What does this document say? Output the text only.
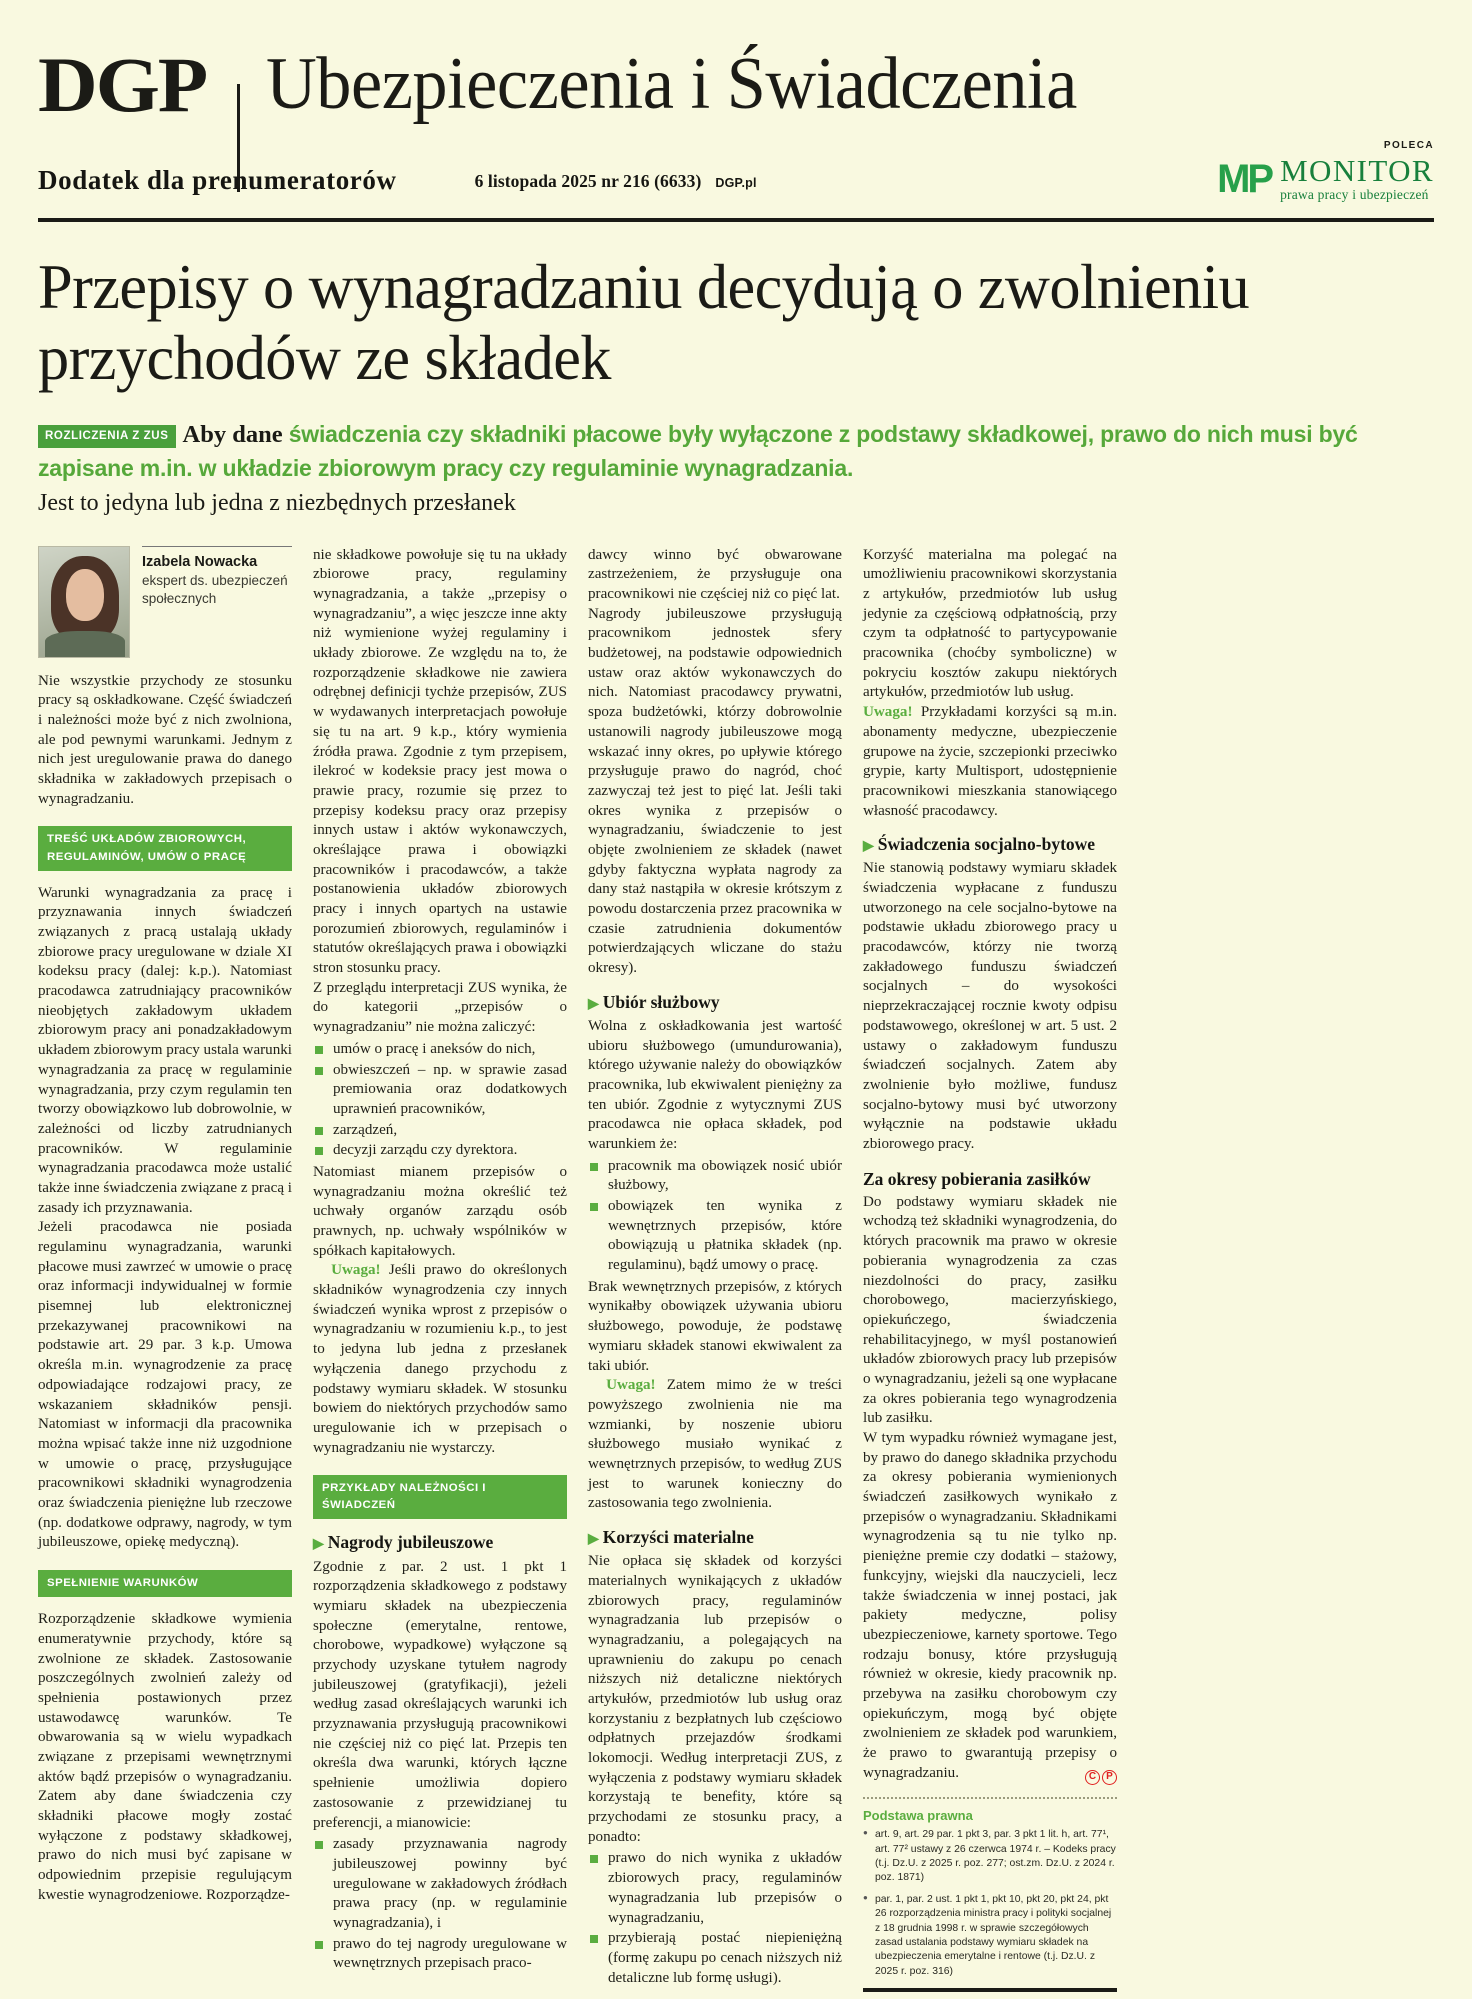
DGP Ubezpieczenia i Świadczenia
Dodatek dla prenumeratorów	6 listopada 2025 nr 216 (6633) DGP.pl
POLECA
MP MONITOR
prawa pracy i ubezpieczeń
Przepisy o wynagradzaniu decydują o zwolnieniu przychodów ze składek
ROZLICZENIA Z ZUS Aby dane świadczenia czy składniki płacowe były wyłączone z podstawy składkowej, prawo do nich musi być zapisane m.in. w układzie zbiorowym pracy czy regulaminie wynagradzania.
Jest to jedyna lub jedna z niezbędnych przesłanek
Izabela Nowacka
ekspert ds. ubezpieczeń
społecznych

Nie wszystkie przychody ze stosunku pracy są oskładkowane. Część świadczeń i należności może być z nich zwolniona, ale pod pewnymi warunkami. Jednym z nich jest uregulowanie prawa do danego składnika w zakładowych przepisach o wynagradzaniu.

TREŚĆ UKŁADÓW ZBIOROWYCH, REGULAMINÓW, UMÓW O PRACĘ

Warunki wynagradzania za pracę i przyznawania innych świadczeń związanych z pracą ustalają układy zbiorowe pracy uregulowane w dziale XI kodeksu pracy (dalej: k.p.). Natomiast pracodawca zatrudniający pracowników nieobjętych zakładowym układem zbiorowym pracy ani ponadzakładowym układem zbiorowym pracy ustala warunki wynagradzania za pracę w regulaminie wynagradzania, przy czym regulamin ten tworzy obowiązkowo lub dobrowolnie, w zależności od liczby zatrudnianych pracowników. W regulaminie wynagradzania pracodawca może ustalić także inne świadczenia związane z pracą i zasady ich przyznawania.

Jeżeli pracodawca nie posiada regulaminu wynagradzania, warunki płacowe musi zawrzeć w umowie o pracę oraz informacji indywidualnej w formie pisemnej lub elektronicznej przekazywanej pracownikowi na podstawie art. 29 par. 3 k.p. Umowa określa m.in. wynagrodzenie za pracę odpowiadające rodzajowi pracy, ze wskazaniem składników pensji. Natomiast w informacji dla pracownika można wpisać także inne niż uzgodnione w umowie o pracę, przysługujące pracownikowi składniki wynagrodzenia oraz świadczenia pieniężne lub rzeczowe (np. dodatkowe odprawy, nagrody, w tym jubileuszowe, opiekę medyczną).

SPEŁNIENIE WARUNKÓW

Rozporządzenie składkowe wymienia enumeratywnie przychody, które są zwolnione ze składek. Zastosowanie poszczególnych zwolnień zależy od spełnienia postawionych przez ustawodawcę warunków. Te obwarowania są w wielu wypadkach związane z przepisami wewnętrznymi aktów bądź przepisów o wynagradzaniu. Zatem aby dane świadczenia czy składniki płacowe mogły zostać wyłączone z podstawy składkowej, prawo do nich musi być zapisane w odpowiednim przepisie regulującym kwestie wynagrodzeniowe. Rozporządze-

nie składkowe powołuje się tu na układy zbiorowe pracy, regulaminy wynagradzania, a także „przepisy o wynagradzaniu”, a więc jeszcze inne akty niż wymienione wyżej regulaminy i układy zbiorowe. Ze względu na to, że rozporządzenie składkowe nie zawiera odrębnej definicji tychże przepisów, ZUS w wydawanych interpretacjach powołuje się tu na art. 9 k.p., który wymienia źródła prawa. Zgodnie z tym przepisem, ilekroć w kodeksie pracy jest mowa o prawie pracy, rozumie się przez to przepisy kodeksu pracy oraz przepisy innych ustaw i aktów wykonawczych, określające prawa i obowiązki pracowników i pracodawców, a także postanowienia układów zbiorowych pracy i innych opartych na ustawie porozumień zbiorowych, regulaminów i statutów określających prawa i obowiązki stron stosunku pracy.

Z przeglądu interpretacji ZUS wynika, że do kategorii „przepisów o wynagradzaniu” nie można zaliczyć:

umów o pracę i aneksów do nich,
obwieszczeń – np. w sprawie zasad premiowania oraz dodatkowych uprawnień pracowników,
zarządzeń,
decyzji zarządu czy dyrektora.

Natomiast mianem przepisów o wynagradzaniu można określić też uchwały organów zarządu osób prawnych, np. uchwały wspólników w spółkach kapitałowych.

Uwaga! Jeśli prawo do określonych składników wynagrodzenia czy innych świadczeń wynika wprost z przepisów o wynagradzaniu w rozumieniu k.p., to jest to jedyna lub jedna z przesłanek wyłączenia danego przychodu z podstawy wymiaru składek. W stosunku bowiem do niektórych przychodów samo uregulowanie ich w przepisach o wynagradzaniu nie wystarczy.

PRZYKŁADY NALEŻNOŚCI I ŚWIADCZEŃ
▶ Nagrody jubileuszowe

Zgodnie z par. 2 ust. 1 pkt 1 rozporządzenia składkowego z podstawy wymiaru składek na ubezpieczenia społeczne (emerytalne, rentowe, chorobowe, wypadkowe) wyłączone są przychody uzyskane tytułem nagrody jubileuszowej (gratyfikacji), jeżeli według zasad określających warunki ich przyznawania przysługują pracownikowi nie częściej niż co pięć lat. Przepis ten określa dwa warunki, których łączne spełnienie umożliwia dopiero zastosowanie z przewidzianej tu preferencji, a mianowicie:

zasady przyznawania nagrody jubileuszowej powinny być uregulowane w zakładowych źródłach prawa pracy (np. w regulaminie wynagradzania), i
prawo do tej nagrody uregulowane w wewnętrznych przepisach praco-

dawcy winno być obwarowane zastrzeżeniem, że przysługuje ona pracownikowi nie częściej niż co pięć lat.

Nagrody jubileuszowe przysługują pracownikom jednostek sfery budżetowej, na podstawie odpowiednich ustaw oraz aktów wykonawczych do nich. Natomiast pracodawcy prywatni, spoza budżetówki, którzy dobrowolnie ustanowili nagrody jubileuszowe mogą wskazać inny okres, po upływie którego przysługuje prawo do nagród, choć zazwyczaj też jest to pięć lat. Jeśli taki okres wynika z przepisów o wynagradzaniu, świadczenie to jest objęte zwolnieniem ze składek (nawet gdyby faktyczna wypłata nagrody za dany staż nastąpiła w okresie krótszym z powodu dostarczenia przez pracownika w czasie zatrudnienia dokumentów potwierdzających wliczane do stażu okresy).

▶ Ubiór służbowy

Wolna z oskładkowania jest wartość ubioru służbowego (umundurowania), którego używanie należy do obowiązków pracownika, lub ekwiwalent pieniężny za ten ubiór. Zgodnie z wytycznymi ZUS pracodawca nie opłaca składek, pod warunkiem że:

pracownik ma obowiązek nosić ubiór służbowy,
obowiązek ten wynika z wewnętrznych przepisów, które obowiązują u płatnika składek (np. regulaminu), bądź umowy o pracę.

Brak wewnętrznych przepisów, z których wynikałby obowiązek używania ubioru służbowego, powoduje, że podstawę wymiaru składek stanowi ekwiwalent za taki ubiór.

Uwaga! Zatem mimo że w treści powyższego zwolnienia nie ma wzmianki, by noszenie ubioru służbowego musiało wynikać z wewnętrznych przepisów, to według ZUS jest to warunek konieczny do zastosowania tego zwolnienia.

▶ Korzyści materialne

Nie opłaca się składek od korzyści materialnych wynikających z układów zbiorowych pracy, regulaminów wynagradzania lub przepisów o wynagradzaniu, a polegających na uprawnieniu do zakupu po cenach niższych niż detaliczne niektórych artykułów, przedmiotów lub usług oraz korzystaniu z bezpłatnych lub częściowo odpłatnych przejazdów środkami lokomocji. Według interpretacji ZUS, z wyłączenia z podstawy wymiaru składek korzystają te benefity, które są przychodami ze stosunku pracy, a ponadto:

prawo do nich wynika z układów zbiorowych pracy, regulaminów wynagradzania lub przepisów o wynagradzaniu,
przybierają postać niepieniężną (formę zakupu po cenach niższych niż detaliczne lub formę usługi).

Korzyść materialna ma polegać na umożliwieniu pracownikowi skorzystania z artykułów, przedmiotów lub usług jedynie za częściową odpłatnością, przy czym ta odpłatność to partycypowanie pracownika (choćby symboliczne) w pokryciu kosztów zakupu niektórych artykułów, przedmiotów lub usług.

Uwaga! Przykładami korzyści są m.in. abonamenty medyczne, ubezpieczenie grupowe na życie, szczepionki przeciwko grypie, karty Multisport, udostępnienie pracownikowi mieszkania stanowiącego własność pracodawcy.

▶ Świadczenia socjalno-bytowe

Nie stanowią podstawy wymiaru składek świadczenia wypłacane z funduszu utworzonego na cele socjalno-bytowe na podstawie układu zbiorowego pracy u pracodawców, którzy nie tworzą zakładowego funduszu świadczeń socjalnych – do wysokości nieprzekraczającej rocznie kwoty odpisu podstawowego, określonej w art. 5 ust. 2 ustawy o zakładowym funduszu świadczeń socjalnych. Zatem aby zwolnienie było możliwe, fundusz socjalno-bytowy musi być utworzony wyłącznie na podstawie układu zbiorowego pracy.

Za okresy pobierania zasiłków

Do podstawy wymiaru składek nie wchodzą też składniki wynagrodzenia, do których pracownik ma prawo w okresie pobierania wynagrodzenia za czas niezdolności do pracy, zasiłku chorobowego, macierzyńskiego, opiekuńczego, świadczenia rehabilitacyjnego, w myśl postanowień układów zbiorowych pracy lub przepisów o wynagradzaniu, jeżeli są one wypłacane za okres pobierania tego wynagrodzenia lub zasiłku.

W tym wypadku również wymagane jest, by prawo do danego składnika przychodu za okresy pobierania wymienionych świadczeń zasiłkowych wynikało z przepisów o wynagradzaniu. Składnikami wynagrodzenia są tu nie tylko np. pieniężne premie czy dodatki – stażowy, funkcyjny, wiejski dla nauczycieli, lecz także świadczenia w innej postaci, jak pakiety medyczne, polisy ubezpieczeniowe, karnety sportowe. Tego rodzaju bonusy, które przysługują również w okresie, kiedy pracownik np. przebywa na zasiłku chorobowym czy opiekuńczym, mogą być objęte zwolnieniem ze składek pod warunkiem, że prawo to gwarantują przepisy o wynagradzaniu.	C P

Podstawa prawna
● art. 9, art. 29 par. 1 pkt 3, par. 3 pkt 1 lit. h, art. 77¹, art. 77² ustawy z 26 czerwca 1974 r. – Kodeks pracy (t.j. Dz.U. z 2025 r. poz. 277; ost.zm. Dz.U. z 2024 r. poz. 1871)
● par. 1, par. 2 ust. 1 pkt 1, pkt 10, pkt 20, pkt 24, pkt 26 rozporządzenia ministra pracy i polityki socjalnej z 18 grudnia 1998 r. w sprawie szczegółowych zasad ustalania podstawy wymiaru składek na ubezpieczenia emerytalne i rentowe (t.j. Dz.U. z 2025 r. poz. 316)
